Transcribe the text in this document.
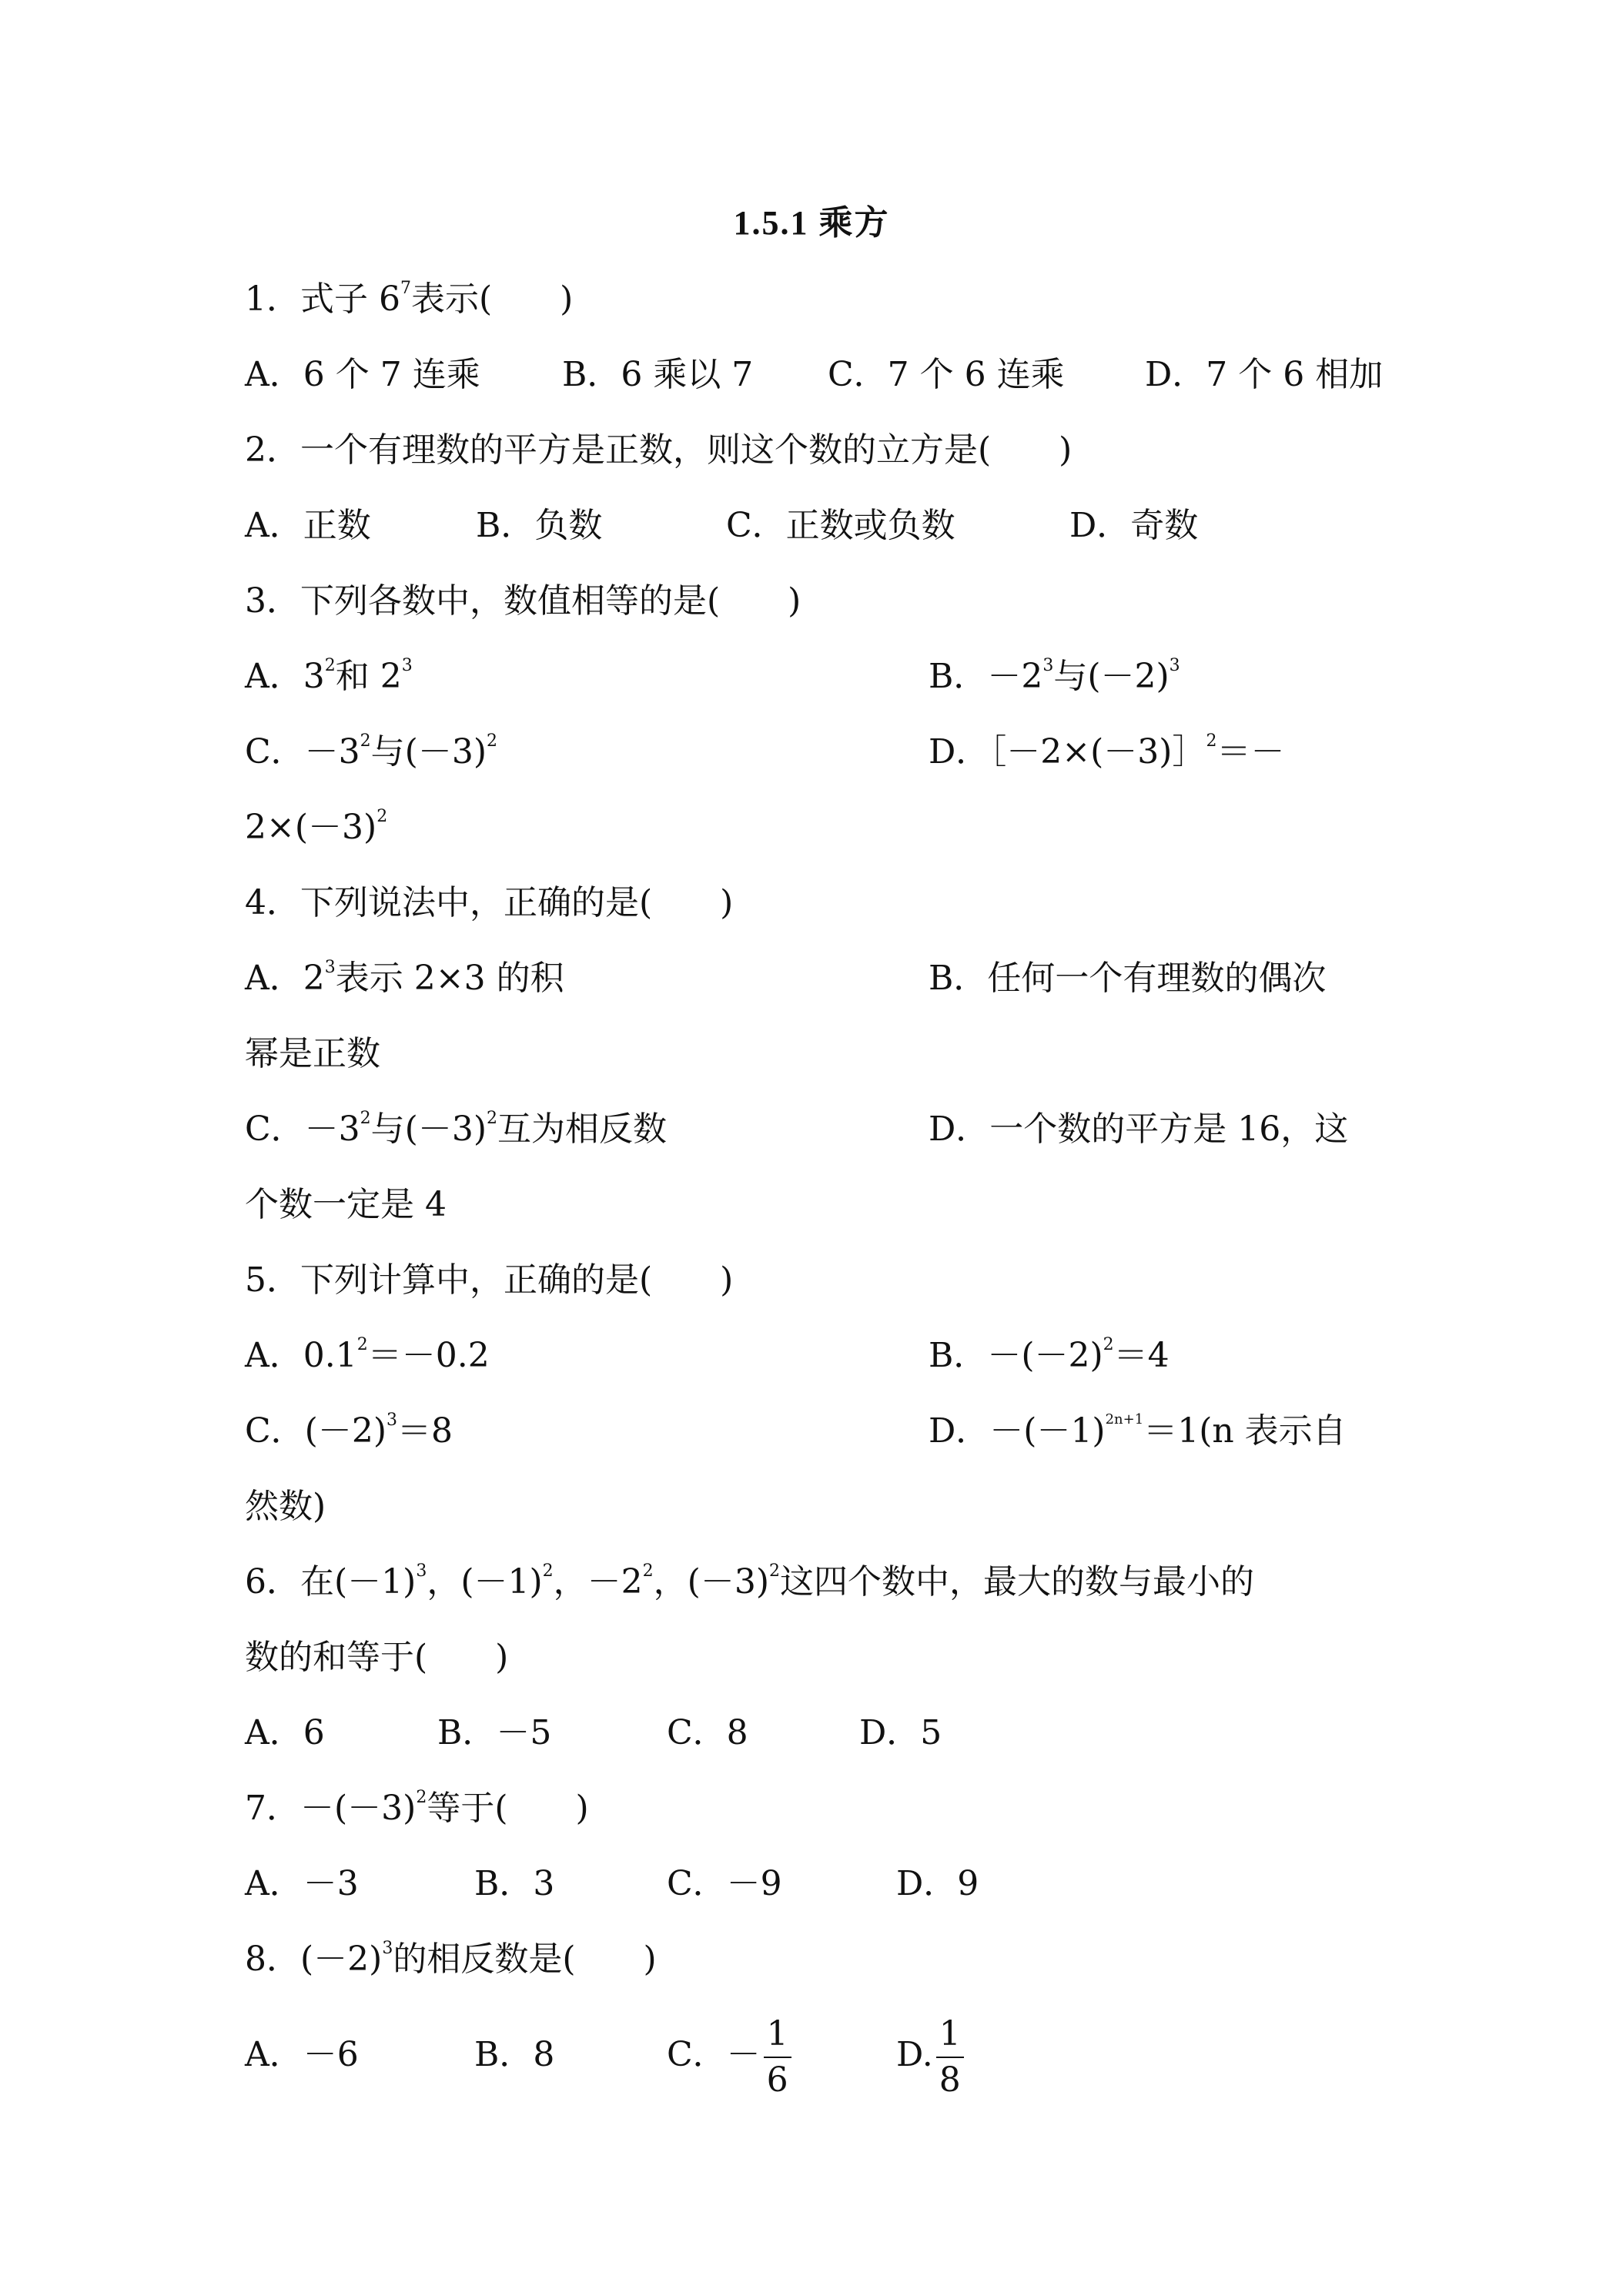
1.5.1 乘方
1．式子 $6^7$表示(　　)
A．6 个 7 连乘 B．6 乘以 7 C．7 个 6 连乘 D．7 个 6 相加
2．一个有理数的平方是正数，则这个数的立方是(　　)
A．正数	B．负数	C．正数或负数	D．奇数
3．下列各数中，数值相等的是(　　)
A．$3^2$和 $2^3$	B．$-2^3$与$(-2)^3$
C．$-3^2$与$(-3)^2$	D．［－2×(－3)］$^2$＝－
$2\times(-3)^2$
4．下列说法中，正确的是(　　)
A．$2^3$表示 2×3 的积	B．任何一个有理数的偶次
幂是正数
C．$-3^2$与$(-3)^2$互为相反数	D．一个数的平方是 16，这
个数一定是 4
5．下列计算中，正确的是(　　)
A．$0.1^2=-0.2$	B．$-(-2)^2=4$
C．$(-2)^3=8$	D．$-(-1)^{2n+1}=1(n$ 表示自
然数)
6．在$(-1)^3$，$(-1)^2$，$-2^2$，$(-3)^2$这四个数中，最大的数与最小的
数的和等于(　　)
A．6	B．－5	C．8	D．5
7．$-(-3)^2$等于(　　)
A．－3	B．3	C．－9	D．9
8．$(-2)^3$的相反数是(　　)
A．－6	B．8	C．－ $\frac{1}{6}$	D. $\frac{1}{8}$
